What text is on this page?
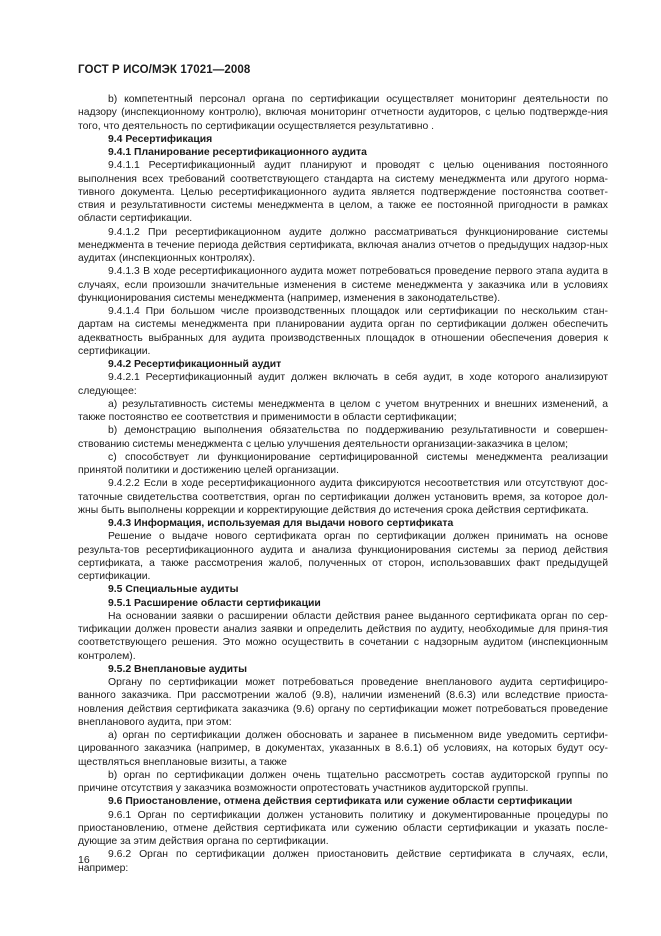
ГОСТ Р ИСО/МЭК 17021—2008

b) компетентный персонал органа по сертификации осуществляет мониторинг деятельности по надзору (инспекционному контролю), включая мониторинг отчетности аудиторов, с целью подтвержде-ния того, что деятельность по сертификации осуществляется результативно .

9.4 Ресертификация

9.4.1 Планирование ресертификационного аудита

9.4.1.1 Ресертификационный аудит планируют и проводят с целью оценивания постоянного выполнения всех требований соответствующего стандарта на систему менеджмента или другого норма-тивного документа. Целью ресертификационного аудита является подтверждение постоянства соответ-ствия и результативности системы менеджмента в целом, а также ее постоянной пригодности в рамках области сертификации.

9.4.1.2 При ресертификационном аудите должно рассматриваться функционирование системы менеджмента в течение периода действия сертификата, включая анализ отчетов о предыдущих надзор-ных аудитах (инспекционных контролях).

9.4.1.3 В ходе ресертификационного аудита может потребоваться проведение первого этапа аудита в случаях, если произошли значительные изменения в системе менеджмента у заказчика или в условиях функционирования системы менеджмента (например, изменения в законодательстве).

9.4.1.4 При большом числе производственных площадок или сертификации по нескольким стан-дартам на системы менеджмента при планировании аудита орган по сертификации должен обеспечить адекватность выбранных для аудита производственных площадок в отношении обеспечения доверия к сертификации.

9.4.2 Ресертификационный аудит

9.4.2.1 Ресертификационный аудит должен включать в себя аудит, в ходе которого анализируют следующее:

a) результативность системы менеджмента в целом с учетом внутренних и внешних изменений, а также постоянство ее соответствия и применимости в области сертификации;

b) демонстрацию выполнения обязательства по поддерживанию результативности и совершен-ствованию системы менеджмента с целью улучшения деятельности организации-заказчика в целом;

c) способствует ли функционирование сертифицированной системы менеджмента реализации принятой политики и достижению целей организации.

9.4.2.2 Если в ходе ресертификационного аудита фиксируются несоответствия или отсутствуют дос-таточные свидетельства соответствия, орган по сертификации должен установить время, за которое дол-жны быть выполнены коррекции и корректирующие действия до истечения срока действия сертификата.

9.4.3 Информация, используемая для выдачи нового сертификата

Решение о выдаче нового сертификата орган по сертификации должен принимать на основе результа-тов ресертификационного аудита и анализа функционирования системы за период действия сертификата, а также рассмотрения жалоб, полученных от сторон, использовавших факт предыдущей сертификации.

9.5 Специальные аудиты

9.5.1 Расширение области сертификации

На основании заявки о расширении области действия ранее выданного сертификата орган по сер-тификации должен провести анализ заявки и определить действия по аудиту, необходимые для приня-тия соответствующего решения. Это можно осуществить в сочетании с надзорным аудитом (инспекционным контролем).

9.5.2 Внеплановые аудиты

Органу по сертификации может потребоваться проведение внепланового аудита сертифициро-ванного заказчика. При рассмотрении жалоб (9.8), наличии изменений (8.6.3) или вследствие приоста-новления действия сертификата заказчика (9.6) органу по сертификации может потребоваться проведение внепланового аудита, при этом:

a) орган по сертификации должен обосновать и заранее в письменном виде уведомить сертифи-цированного заказчика (например, в документах, указанных в 8.6.1) об условиях, на которых будут осу-ществляться внеплановые визиты, а также

b) орган по сертификации должен очень тщательно рассмотреть состав аудиторской группы по причине отсутствия у заказчика возможности опротестовать участников аудиторской группы.

9.6 Приостановление, отмена действия сертификата или сужение области сертификации

9.6.1 Орган по сертификации должен установить политику и документированные процедуры по приостановлению, отмене действия сертификата или сужению области сертификации и указать после-дующие за этим действия органа по сертификации.

9.6.2 Орган по сертификации должен приостановить действие сертификата в случаях, если, например:

16
